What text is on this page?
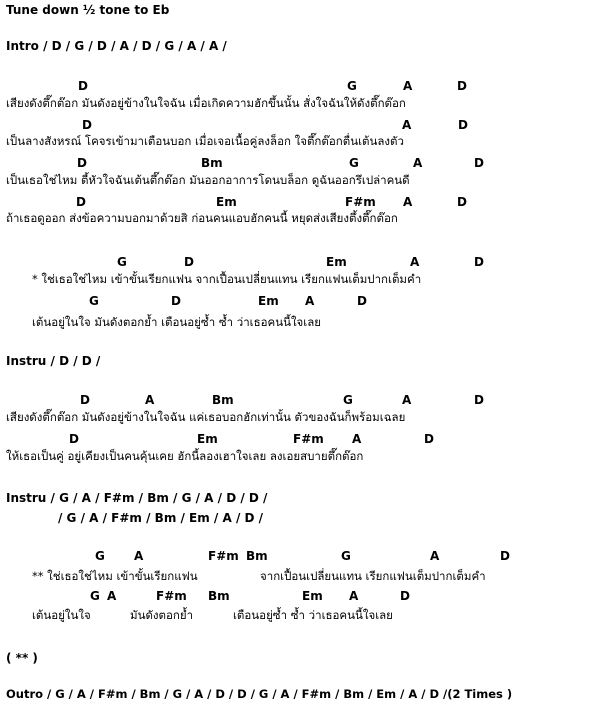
Tune down ½ tone to Eb
Intro / D / G / D / A / D / G / A / A /
D	G	A	D
เสียงดังตึ๊กต๊อก มันดังอยู่ข้างในใจฉัน เมื่อเกิดความฮักขึ้นนั้น สั่งใจฉันให้ดังตึ๊กต๊อก
D	A	D
เป็นลางสังหรณ์ โคจรเข้ามาเตือนบอก เมื่อเจอเนื้อคู่ลงล็อก ใจตึ๊กต๊อกตื่นเต้นลงตัว
D	Bm	G	A	D
เป็นเธอใช่ไหม ตี้หัวใจฉันเต้นตึ๊กต๊อก มันออกอาการโดนบล็อก ดูฉันออกรึเปล่าคนดี
D	Em	F#m A	D
ถ้าเธอดูออก ส่งข้อความบอกมาด้วยสิ ก่อนคนแอบฮักคนนี้ หยุดส่งเสียงตึ้งตึ๊กต๊อก
G	D	Em	A	D
* ใช่เธอใช่ไหม เข้าขั้นเรียกแฟน จากเปื้อนเปลี่ยนแทน เรียกแฟนเต็มปากเต็มคำ
G	D	Em A	D
เต้นอยู่ในใจ มันดังตอกย้ำ เตือนอยู่ซ้ำ ซ้ำ ว่าเธอคนนี้ใจเลย
Instru / D / D /
D	A	Bm	G	A	D
เสียงดังตึ๊กต๊อก มันดังอยู่ข้างในใจฉัน แค่เธอบอกฮักเท่านั้น ตัวของฉันก็พร้อมเฉลย
D	Em	F#m A	D
ให้เธอเป็นคู่ อยู่เคียงเป็นคนคุ้นเคย ฮักนี้ลองเฮาใจเลย ลงเอยสบายตึ๊กต๊อก
Instru / G / A / F#m / Bm / G / A / D / D /
/ G / A / F#m / Bm / Em / A / D /
G A	F#m Bm	G	A	D
** ใช่เธอใช่ไหม เข้าขั้นเรียกแฟน	จากเปื้อนเปลี่ยนแทน เรียกแฟนเต็มปากเต็มคำ
G A	F#m Bm	Em A	D
เต้นอยู่ในใจ	มันดังตอกย้ำ	เตือนอยู่ซ้ำ ซ้ำ ว่าเธอคนนี้ใจเลย
( ** )
Outro / G / A / F#m / Bm / G / A / D / D / G / A / F#m / Bm / Em / A / D /(2 Times )
